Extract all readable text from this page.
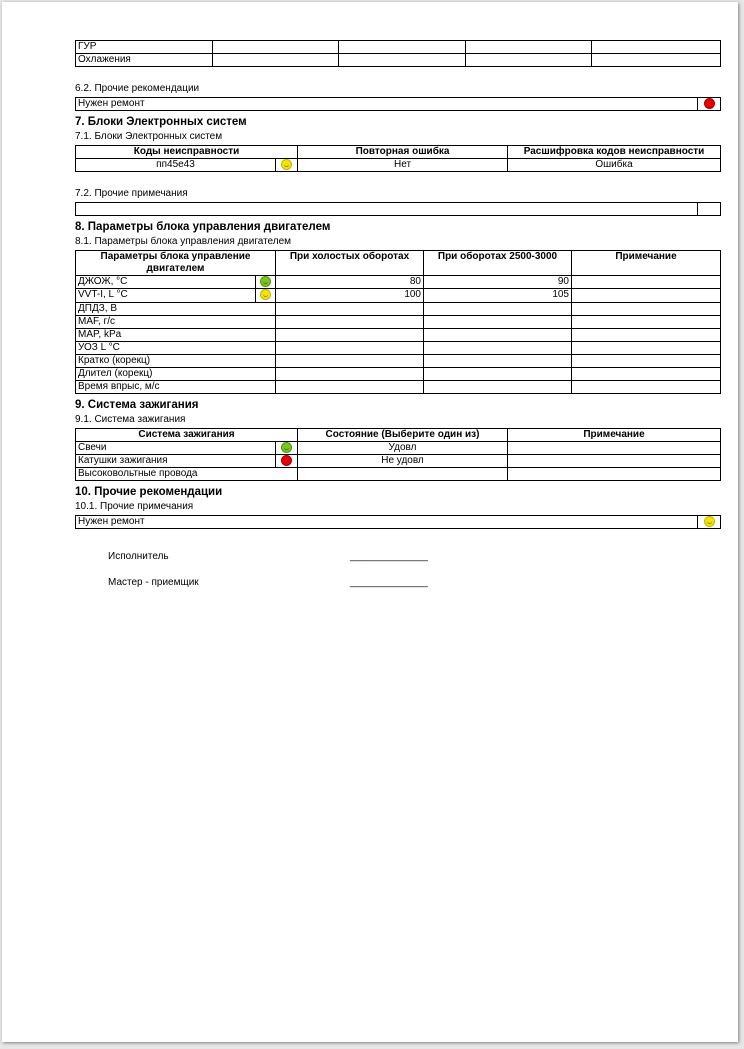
ГУР				
Охлажения				
6.2. Прочие рекомендации
Нужен ремонт	
7. Блоки Электронных систем
7.1. Блоки Электронных систем
Коды неисправности		Повторная ошибка	Расшифровка кодов неисправности
пп45е43		Нет	Ошибка
7.2. Прочие примечания

8. Параметры блока управления двигателем
8.1. Параметры блока управления двигателем
Параметры блока управление двигателем		При холостых оборотах	При оборотах 2500-3000	Примечание
ДЖОЖ, °С		80	90	
VVT-I, L °C		100	105	
ДПДЗ, В				
MAF, г/с				
MAP, kPa				
УОЗ L °C				
Кратко (корекц)				
Длител (корекц)				
Время впрыс, м/с				
9. Система зажигания
9.1. Система зажигания
Система зажигания		Состояние (Выберите один из)	Примечание
Свечи		Удовл	
Катушки зажигания		Не удовл	
Высоковольтные провода			
10. Прочие рекомендации
10.1. Прочие примечания
Нужен ремонт	
Исполнитель	______________
Мастер - приемщик	______________
